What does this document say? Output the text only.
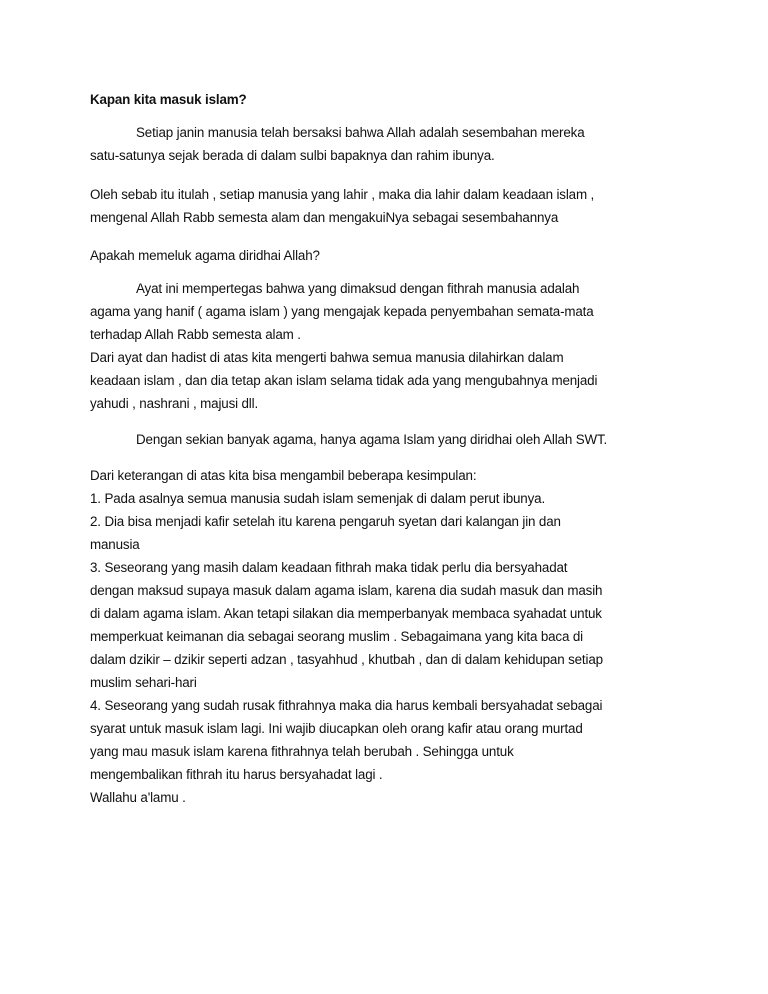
Kapan kita masuk islam?
Setiap janin manusia telah bersaksi bahwa Allah adalah sesembahan mereka
satu-satunya sejak berada di dalam sulbi bapaknya dan rahim ibunya.
Oleh sebab itu itulah , setiap manusia yang lahir , maka dia lahir dalam keadaan islam ,
mengenal Allah Rabb semesta alam dan mengakuiNya sebagai sesembahannya
Apakah memeluk agama diridhai Allah?
Ayat ini mempertegas bahwa yang dimaksud dengan fithrah manusia adalah
agama yang hanif ( agama islam ) yang mengajak kepada penyembahan semata-mata
terhadap Allah Rabb semesta alam .
Dari ayat dan hadist di atas kita mengerti bahwa semua manusia dilahirkan dalam
keadaan islam , dan dia tetap akan islam selama tidak ada yang mengubahnya menjadi
yahudi , nashrani , majusi dll.
Dengan sekian banyak agama, hanya agama Islam yang diridhai oleh Allah SWT.
Dari keterangan di atas kita bisa mengambil beberapa kesimpulan:
1. Pada asalnya semua manusia sudah islam semenjak di dalam perut ibunya.
2. Dia bisa menjadi kafir setelah itu karena pengaruh syetan dari kalangan jin dan
manusia
3. Seseorang yang masih dalam keadaan fithrah maka tidak perlu dia bersyahadat
dengan maksud supaya masuk dalam agama islam, karena dia sudah masuk dan masih
di dalam agama islam. Akan tetapi silakan dia memperbanyak membaca syahadat untuk
memperkuat keimanan dia sebagai seorang muslim . Sebagaimana yang kita baca di
dalam dzikir – dzikir seperti adzan , tasyahhud , khutbah , dan di dalam kehidupan setiap
muslim sehari-hari
4. Seseorang yang sudah rusak fithrahnya maka dia harus kembali bersyahadat sebagai
syarat untuk masuk islam lagi. Ini wajib diucapkan oleh orang kafir atau orang murtad
yang mau masuk islam karena fithrahnya telah berubah . Sehingga untuk
mengembalikan fithrah itu harus bersyahadat lagi .
Wallahu a'lamu .
